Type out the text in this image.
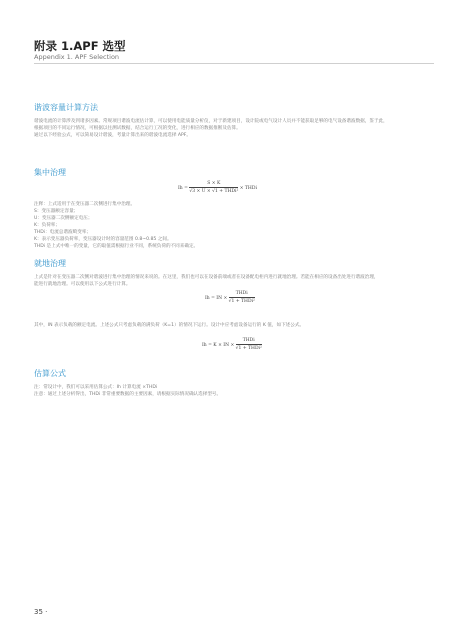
附录 1.APF 选型
Appendix 1. APF Selection
谐波容量计算方法
谐波电流的计算涉及到诸多因素。常规项目谐波电流估计算，可以使用电能质量分析仪，对于新建项目，设计院或电气设计人员并不能获取足够的电气设备谐波数据，鉴于此，
根据项目的不同运行情况，可根据以往测试数据，结合运行工况的变化，进行相应的数据推断及估算。
通过以下经验公式，可以简易设计谐波，考量计算出来的谐波电流选择 APF。
集中治理
$Ih = \frac{S \times K}{\text{√3 × U × √1 + THDi²}}$ × THDi
注释：上式适用于在变压器二次侧进行集中治理。
S：变压器额定容量；
U：变压器二次侧额定电压；
K：负荷率；
THDi：电流总谐波畸变率；
K：表示变压器负荷率，变压器设计时的容量范围 0.8~0.85 之间。
THDi 是上式中唯一的变量，它的取值需根据行业不同，系统负荷的不同来确定。
就地治理
上式是针对在变压器二次侧对谐波进行集中治理的情况来说的。在这里，我们也可以在设备前端或者在设备配电柜内进行就地治理。若能在相应的设备出处进行谐波治理，
能进行就地治理。可以使用以下公式进行计算。
Ih = IN × $\frac{\text{THDi}}{\text{√1 + THDi²}}$
其中，IN 表示负载的额定电流。上述公式只考虑负载的满负荷（K=1）的情况下运行。设计中应考虑设备运行的 K 值，如下述公式。
Ih = K × IN × $\frac{\text{THDi}}{\text{√1 + THDi²}}$
估算公式
注：常设计中，我们可以采用估算公式：Ih 计算电流 ×THDi
注意：通过上述分析得出，THDi 非常重要数据的主要因素，请根据实际情况确认选择型号。
35 ·
